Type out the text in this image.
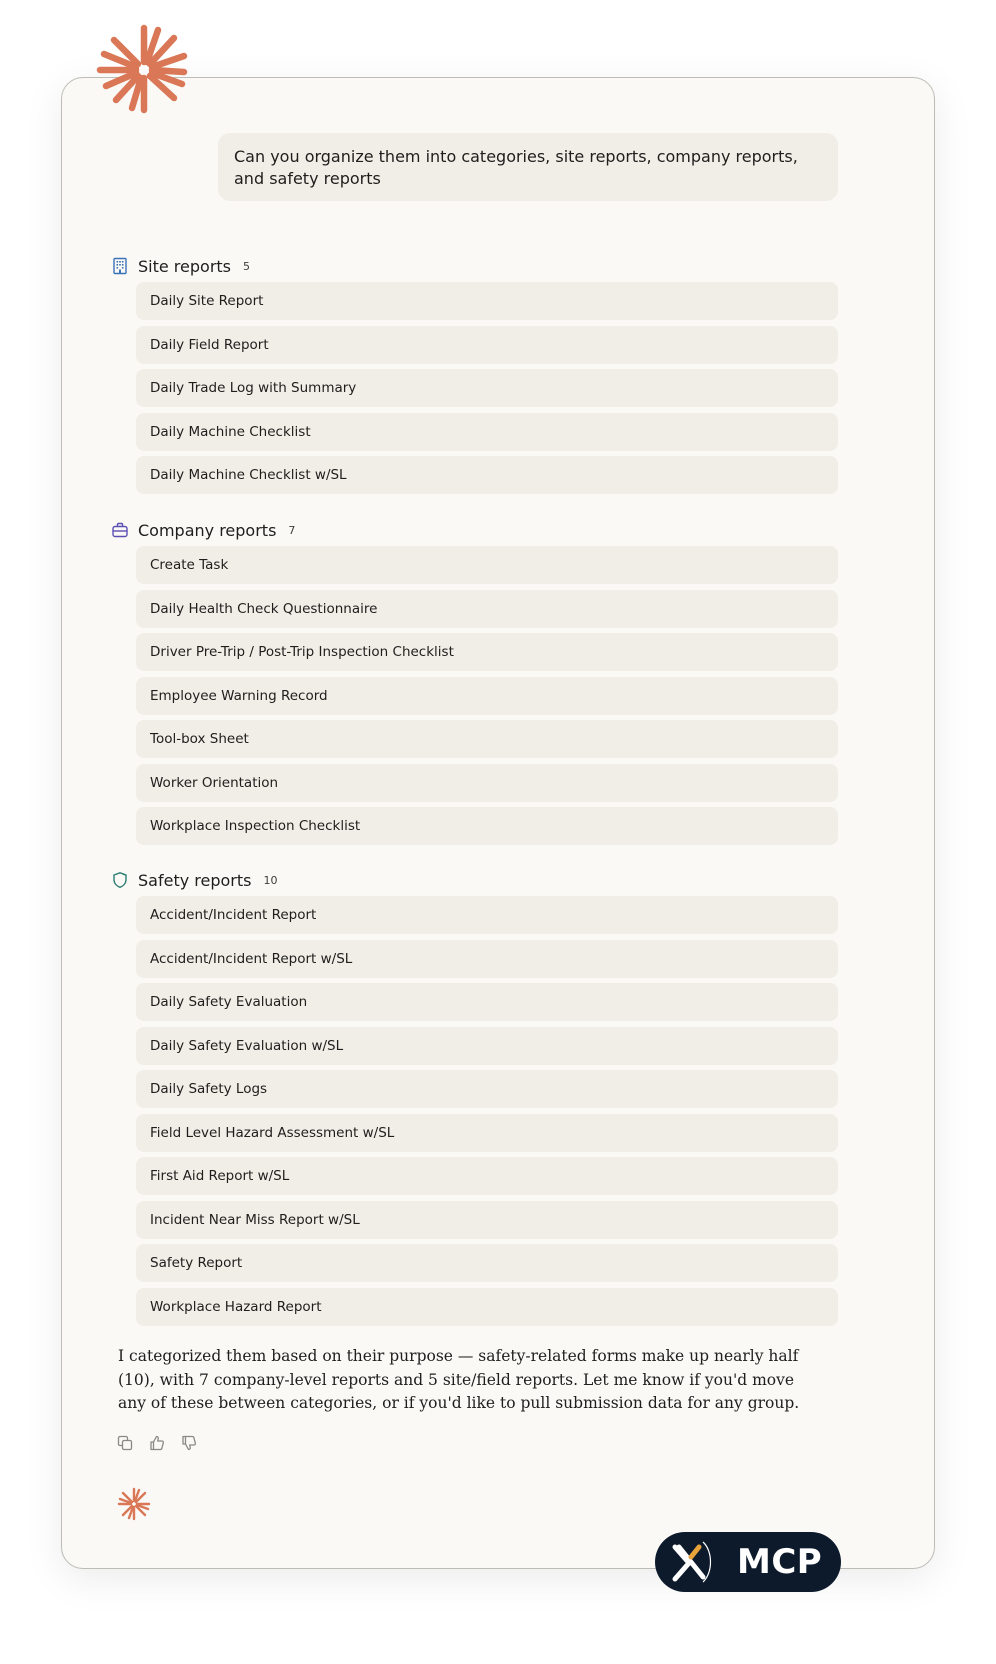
Can you organize them into categories, site reports, company reports, and safety reports
Site reports 5
Daily Site Report
Daily Field Report
Daily Trade Log with Summary
Daily Machine Checklist
Daily Machine Checklist w/SL
Company reports 7
Create Task
Daily Health Check Questionnaire
Driver Pre-Trip / Post-Trip Inspection Checklist
Employee Warning Record
Tool-box Sheet
Worker Orientation
Workplace Inspection Checklist
Safety reports 10
Accident/Incident Report
Accident/Incident Report w/SL
Daily Safety Evaluation
Daily Safety Evaluation w/SL
Daily Safety Logs
Field Level Hazard Assessment w/SL
First Aid Report w/SL
Incident Near Miss Report w/SL
Safety Report
Workplace Hazard Report
I categorized them based on their purpose — safety-related forms make up nearly half (10), with 7 company-level reports and 5 site/field reports. Let me know if you'd move any of these between categories, or if you'd like to pull submission data for any group.
MCP
